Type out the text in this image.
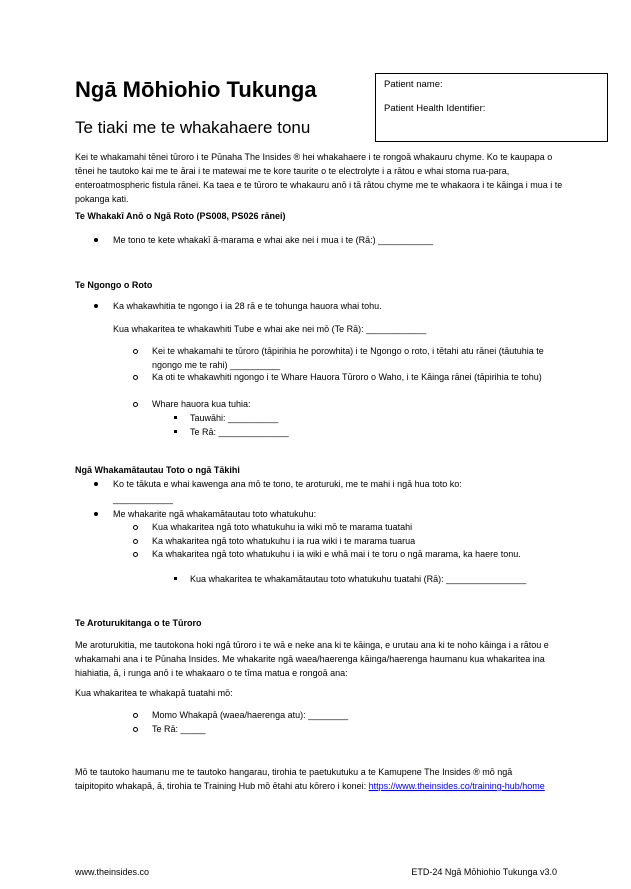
Ngā Mōhiohio Tukunga
Te tiaki me te whakahaere tonu
Patient name:
Patient Health Identifier:
Kei te whakamahi tēnei tūroro i te Pūnaha The Insides ® hei whakahaere i te rongoā whakauru chyme. Ko te kaupapa o tēnei he tautoko kai me te ārai i te matewai me te kore taurite o te electrolyte i a rātou e whai stoma rua-para, enteroatmospheric fistula rānei. Ka taea e te tūroro te whakauru anō i tā rātou chyme me te whakaora i te kāinga i mua i te pokanga kati.
Te Whakakī Anō o Ngā Roto (PS008, PS026 rānei)
Me tono te kete whakakī ā-marama e whai ake nei i mua i te (Rā:) ___________
Te Ngongo o Roto
Ka whakawhitia te ngongo i ia 28 rā e te tohunga hauora whai tohu.
Kua whakaritea te whakawhiti Tube e whai ake nei mō (Te Rā): ____________
Kei te whakamahi te tūroro (tāpirihia he porowhita) i te Ngongo o roto, i tētahi atu rānei (tāutuhia te ngongo me te rahi) __________
Ka oti te whakawhiti ngongo i te Whare Hauora Tūroro o Waho, i te Kāinga rānei (tāpirihia te tohu)
Whare hauora kua tuhia:
Tauwāhi: __________
Te Rā: ______________
Ngā Whakamātautau Toto o ngā Tākihi
Ko te tākuta e whai kawenga ana mō te tono, te aroturuki, me te mahi i ngā hua toto ko:
____________
Me whakarite ngā whakamātautau toto whatukuhu:
Kua whakaritea ngā toto whatukuhu ia wiki mō te marama tuatahi
Ka whakaritea ngā toto whatukuhu i ia rua wiki i te marama tuarua
Ka whakaritea ngā toto whatukuhu i ia wiki e whā mai i te toru o ngā marama, ka haere tonu.
Kua whakaritea te whakamātautau toto whatukuhu tuatahi (Rā): ________________
Te Aroturukitanga o te Tūroro
Me aroturukitia, me tautokona hoki ngā tūroro i te wā e neke ana ki te kāinga, e urutau ana ki te noho kāinga i a rātou e whakamahi ana i te Pūnaha Insides. Me whakarite ngā waea/haerenga kāinga/haerenga haumanu kua whakaritea ina hiahiatia, ā, i runga anō i te whakaaro o te tīma matua e rongoā ana:
Kua whakaritea te whakapā tuatahi mō:
Momo Whakapā (waea/haerenga atu): ________
Te Rā: _____
Mō te tautoko haumanu me te tautoko hangarau, tirohia te paetukutuku a te Kamupene The Insides ® mō ngā taipitopito whakapā, ā, tirohia te Training Hub mō ētahi atu kōrero i konei: https://www.theinsides.co/training-hub/home
www.theinsides.co	ETD-24 Ngā Mōhiohio Tukunga v3.0
